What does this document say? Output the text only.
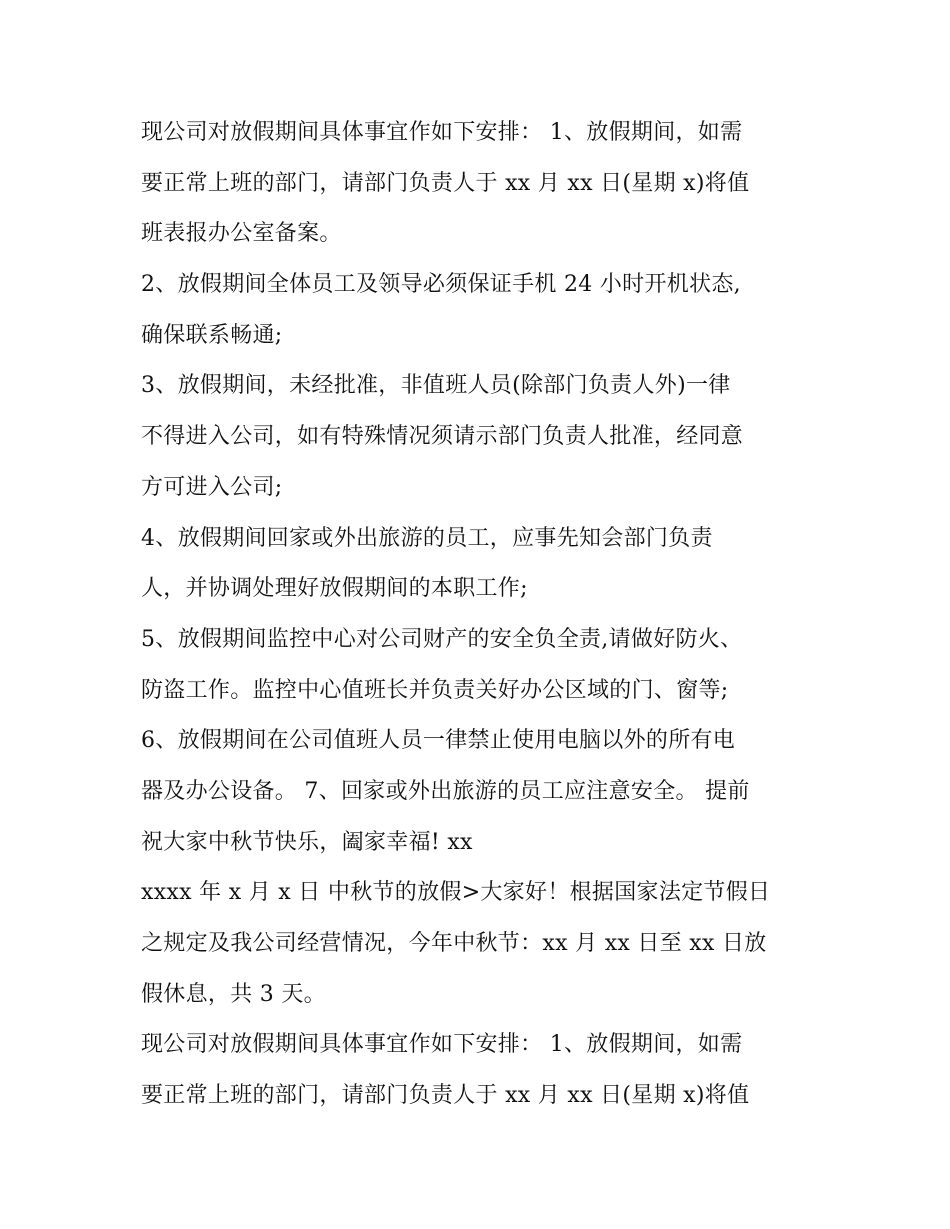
现公司对放假期间具体事宜作如下安排： 1、放假期间，如需
要正常上班的部门，请部门负责人于 xx 月 xx 日(星期 x)将值
班表报办公室备案。
2、放假期间全体员工及领导必须保证手机 24 小时开机状态,
确保联系畅通;
3、放假期间，未经批准，非值班人员(除部门负责人外)一律
不得进入公司，如有特殊情况须请示部门负责人批准，经同意
方可进入公司;
4、放假期间回家或外出旅游的员工，应事先知会部门负责
人，并协调处理好放假期间的本职工作;
5、放假期间监控中心对公司财产的安全负全责,请做好防火、
防盗工作。监控中心值班长并负责关好办公区域的门、窗等;
6、放假期间在公司值班人员一律禁止使用电脑以外的所有电
器及办公设备。 7、回家或外出旅游的员工应注意安全。 提前
祝大家中秋节快乐，阖家幸福! xx
xxxx 年 x 月 x 日 中秋节的放假>大家好！根据国家法定节假日
之规定及我公司经营情况，今年中秋节：xx 月 xx 日至 xx 日放
假休息，共 3 天。
现公司对放假期间具体事宜作如下安排： 1、放假期间，如需
要正常上班的部门，请部门负责人于 xx 月 xx 日(星期 x)将值
